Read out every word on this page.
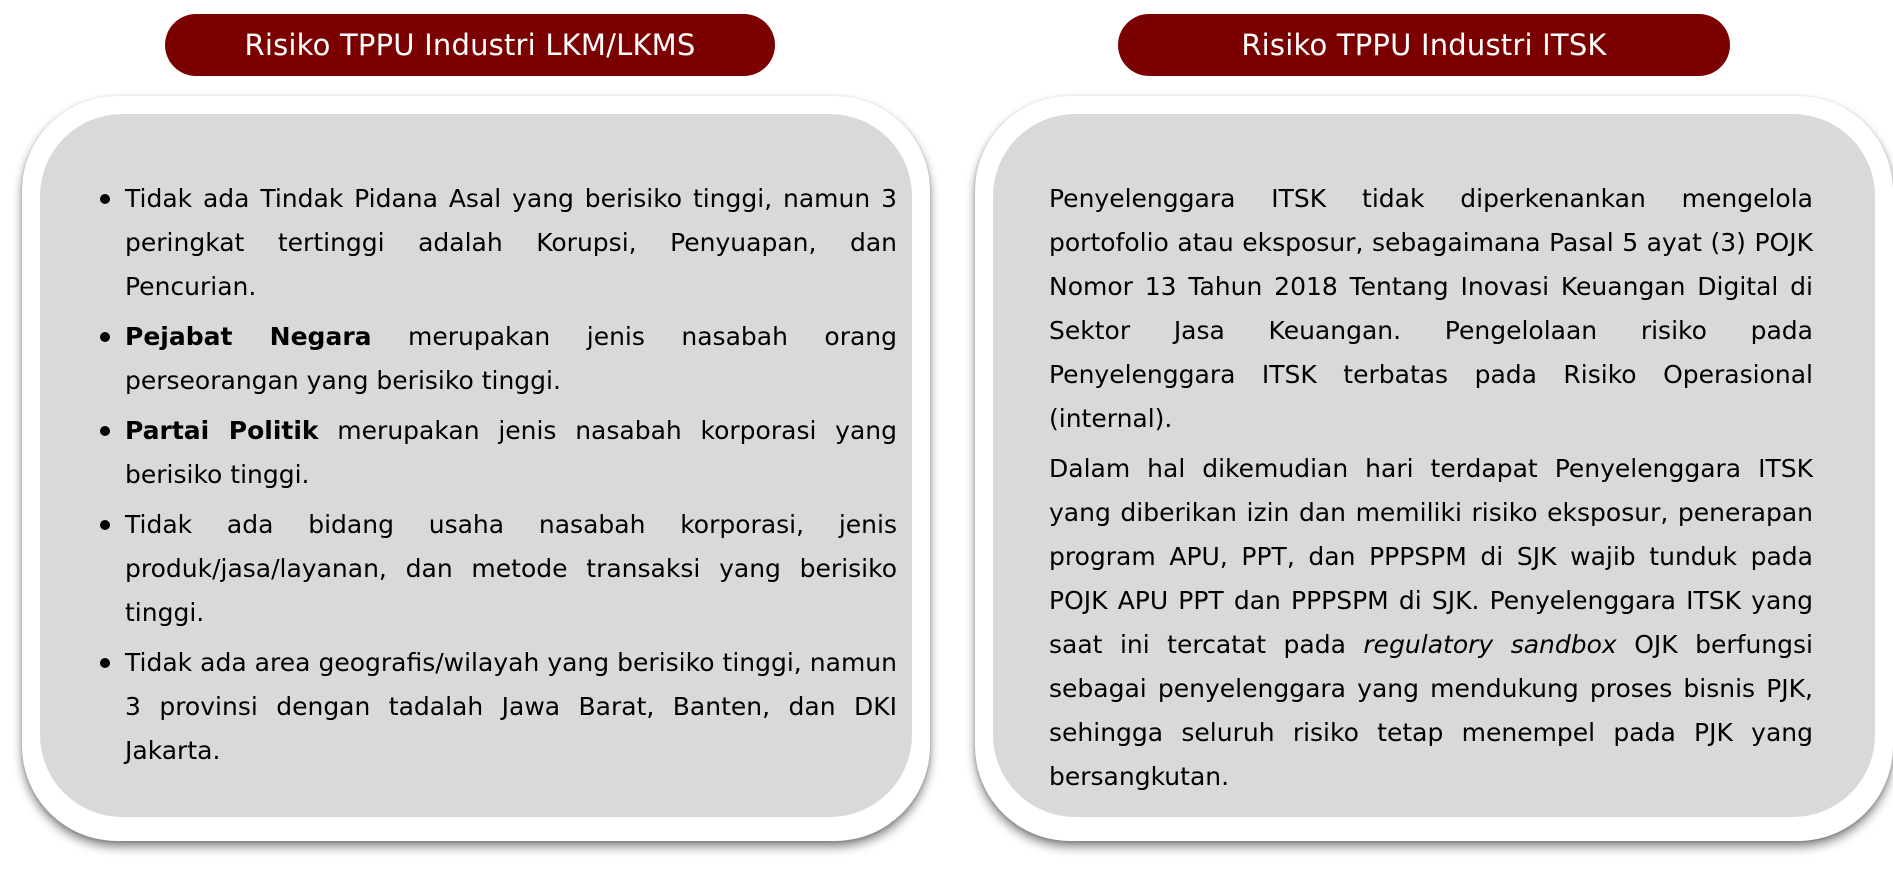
Risiko TPPU Industri LKM/LKMS
Tidak ada Tindak Pidana Asal yang berisiko tinggi, namun 3 peringkat tertinggi adalah Korupsi, Penyuapan, dan Pencurian.
Pejabat Negara merupakan jenis nasabah orang perseorangan yang berisiko tinggi.
Partai Politik merupakan jenis nasabah korporasi yang berisiko tinggi.
Tidak ada bidang usaha nasabah korporasi, jenis produk/jasa/layanan, dan metode transaksi yang berisiko tinggi.
Tidak ada area geografis/wilayah yang berisiko tinggi, namun 3 provinsi dengan tadalah Jawa Barat, Banten, dan DKI Jakarta.
Risiko TPPU Industri ITSK

Penyelenggara ITSK tidak diperkenankan mengelola portofolio atau eksposur, sebagaimana Pasal 5 ayat (3) POJK Nomor 13 Tahun 2018 Tentang Inovasi Keuangan Digital di Sektor Jasa Keuangan. Pengelolaan risiko pada Penyelenggara ITSK terbatas pada Risiko Operasional (internal).

Dalam hal dikemudian hari terdapat Penyelenggara ITSK yang diberikan izin dan memiliki risiko eksposur, penerapan program APU, PPT, dan PPPSPM di SJK wajib tunduk pada POJK APU PPT dan PPPSPM di SJK. Penyelenggara ITSK yang saat ini tercatat pada regulatory sandbox OJK berfungsi sebagai penyelenggara yang mendukung proses bisnis PJK, sehingga seluruh risiko tetap menempel pada PJK yang bersangkutan.
